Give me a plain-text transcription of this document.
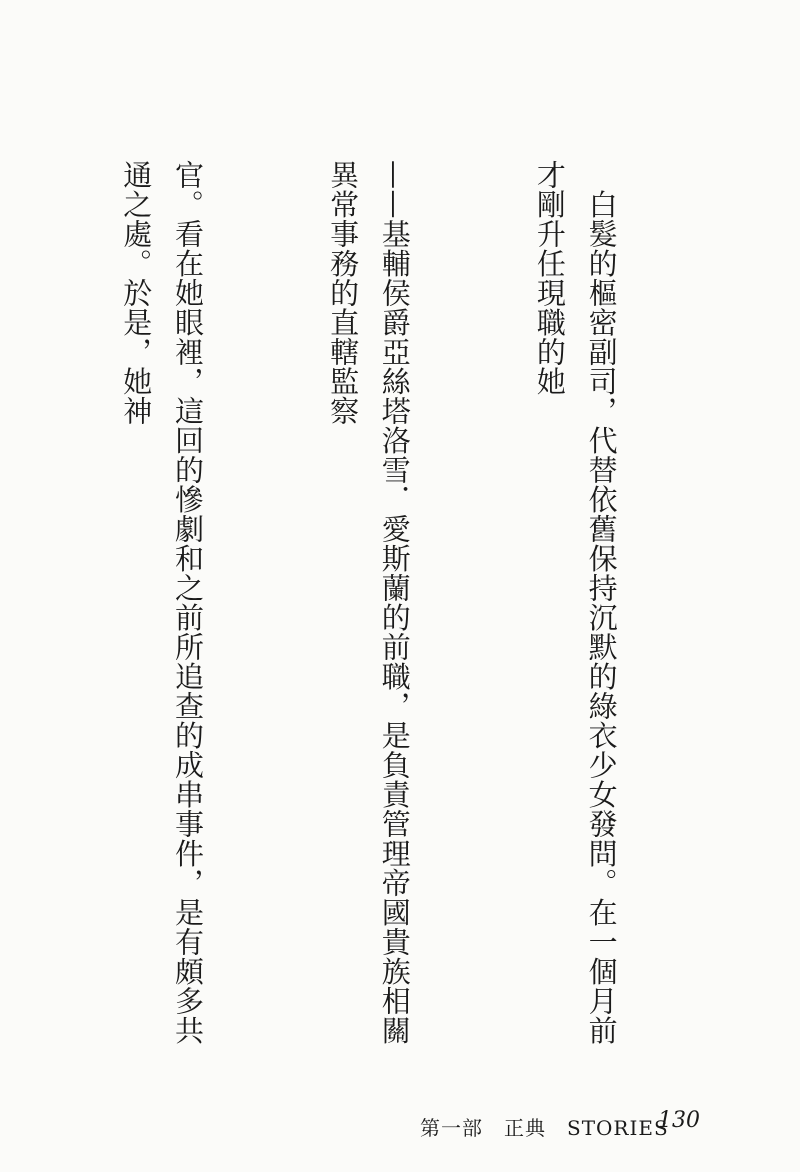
　白髮的樞密副司，代替依舊保持沉默的綠衣少女發問。在一個月前才剛升任現職的她

——基輔侯爵亞絲塔洛雪．愛斯蘭的前職，是負責管理帝國貴族相關異常事務的直轄監察

官。看在她眼裡，這回的慘劇和之前所追查的成串事件，是有頗多共通之處。於是，她神

第一部　正典　STORIES
130
